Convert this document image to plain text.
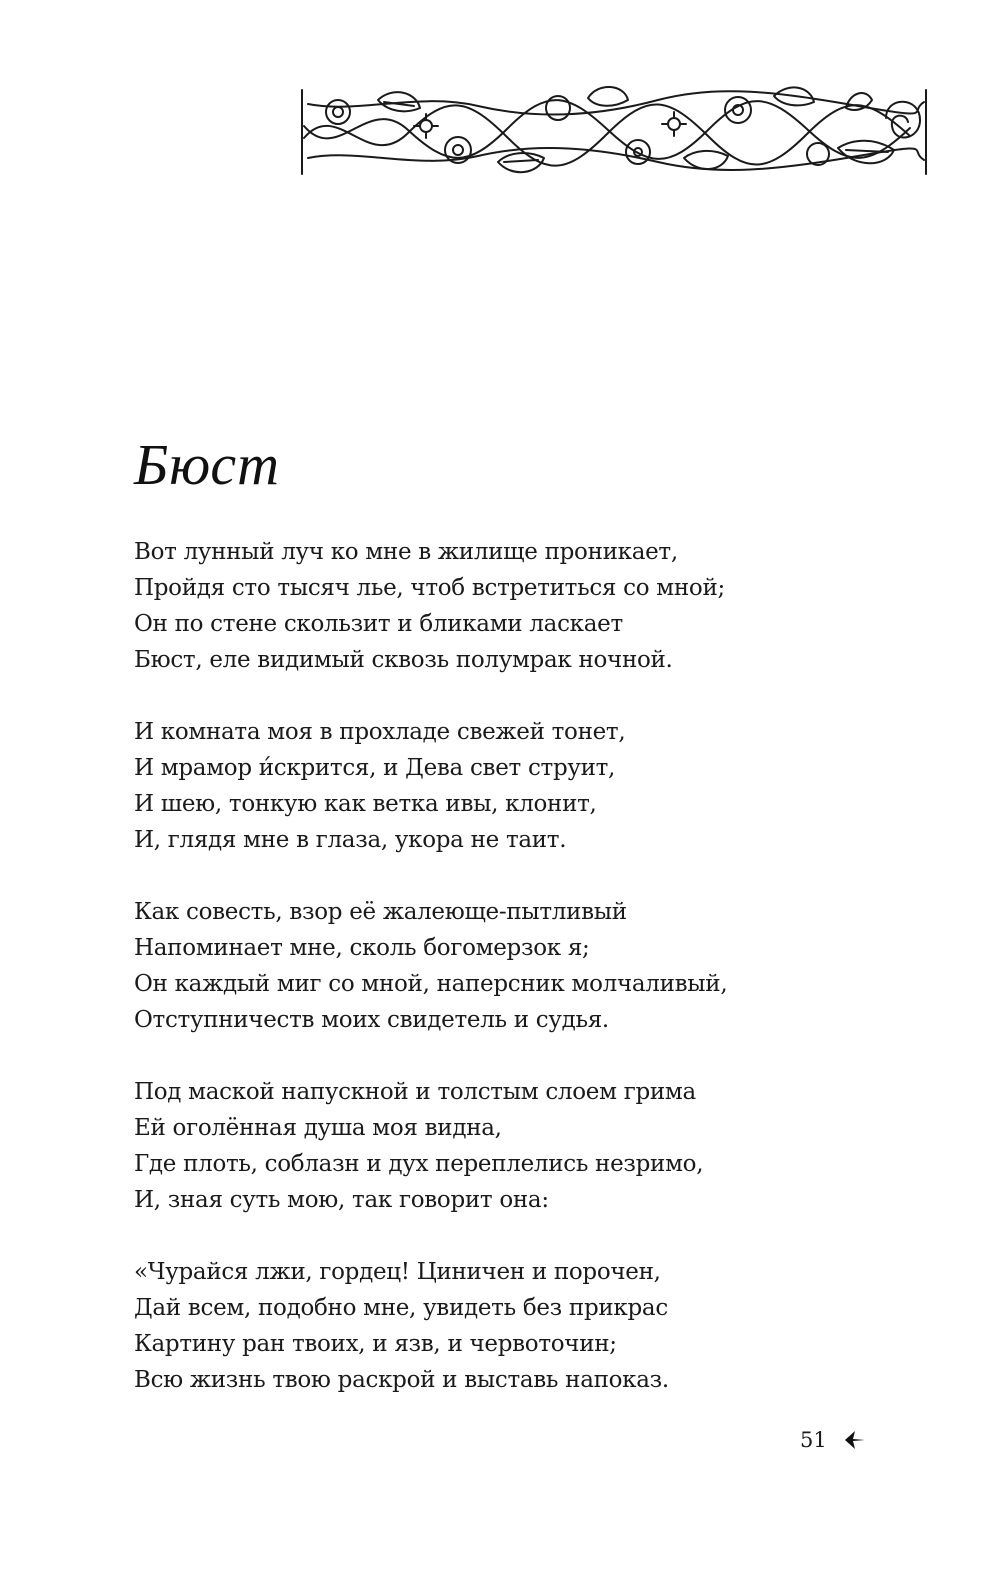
Бюст
Вот лунный луч ко мне в жилище проникает,
Пройдя сто тысяч лье, чтоб встретиться со мной;
Он по стене скользит и бликами ласкает
Бюст, еле видимый сквозь полумрак ночной.
И комната моя в прохладе свежей тонет,
И мрамор и́скрится, и Дева свет струит,
И шею, тонкую как ветка ивы, клонит,
И, глядя мне в глаза, укора не таит.
Как совесть, взор её жалеюще-пытливый
Напоминает мне, сколь богомерзок я;
Он каждый миг со мной, наперсник молчаливый,
Отступничеств моих свидетель и судья.
Под маской напускной и толстым слоем грима
Ей оголённая душа моя видна,
Где плоть, соблазн и дух переплелись незримо,
И, зная суть мою, так говорит она:
«Чурайся лжи, гордец! Циничен и порочен,
Дай всем, подобно мне, увидеть без прикрас
Картину ран твоих, и язв, и червоточин;
Всю жизнь твою раскрой и выставь напоказ.
51
